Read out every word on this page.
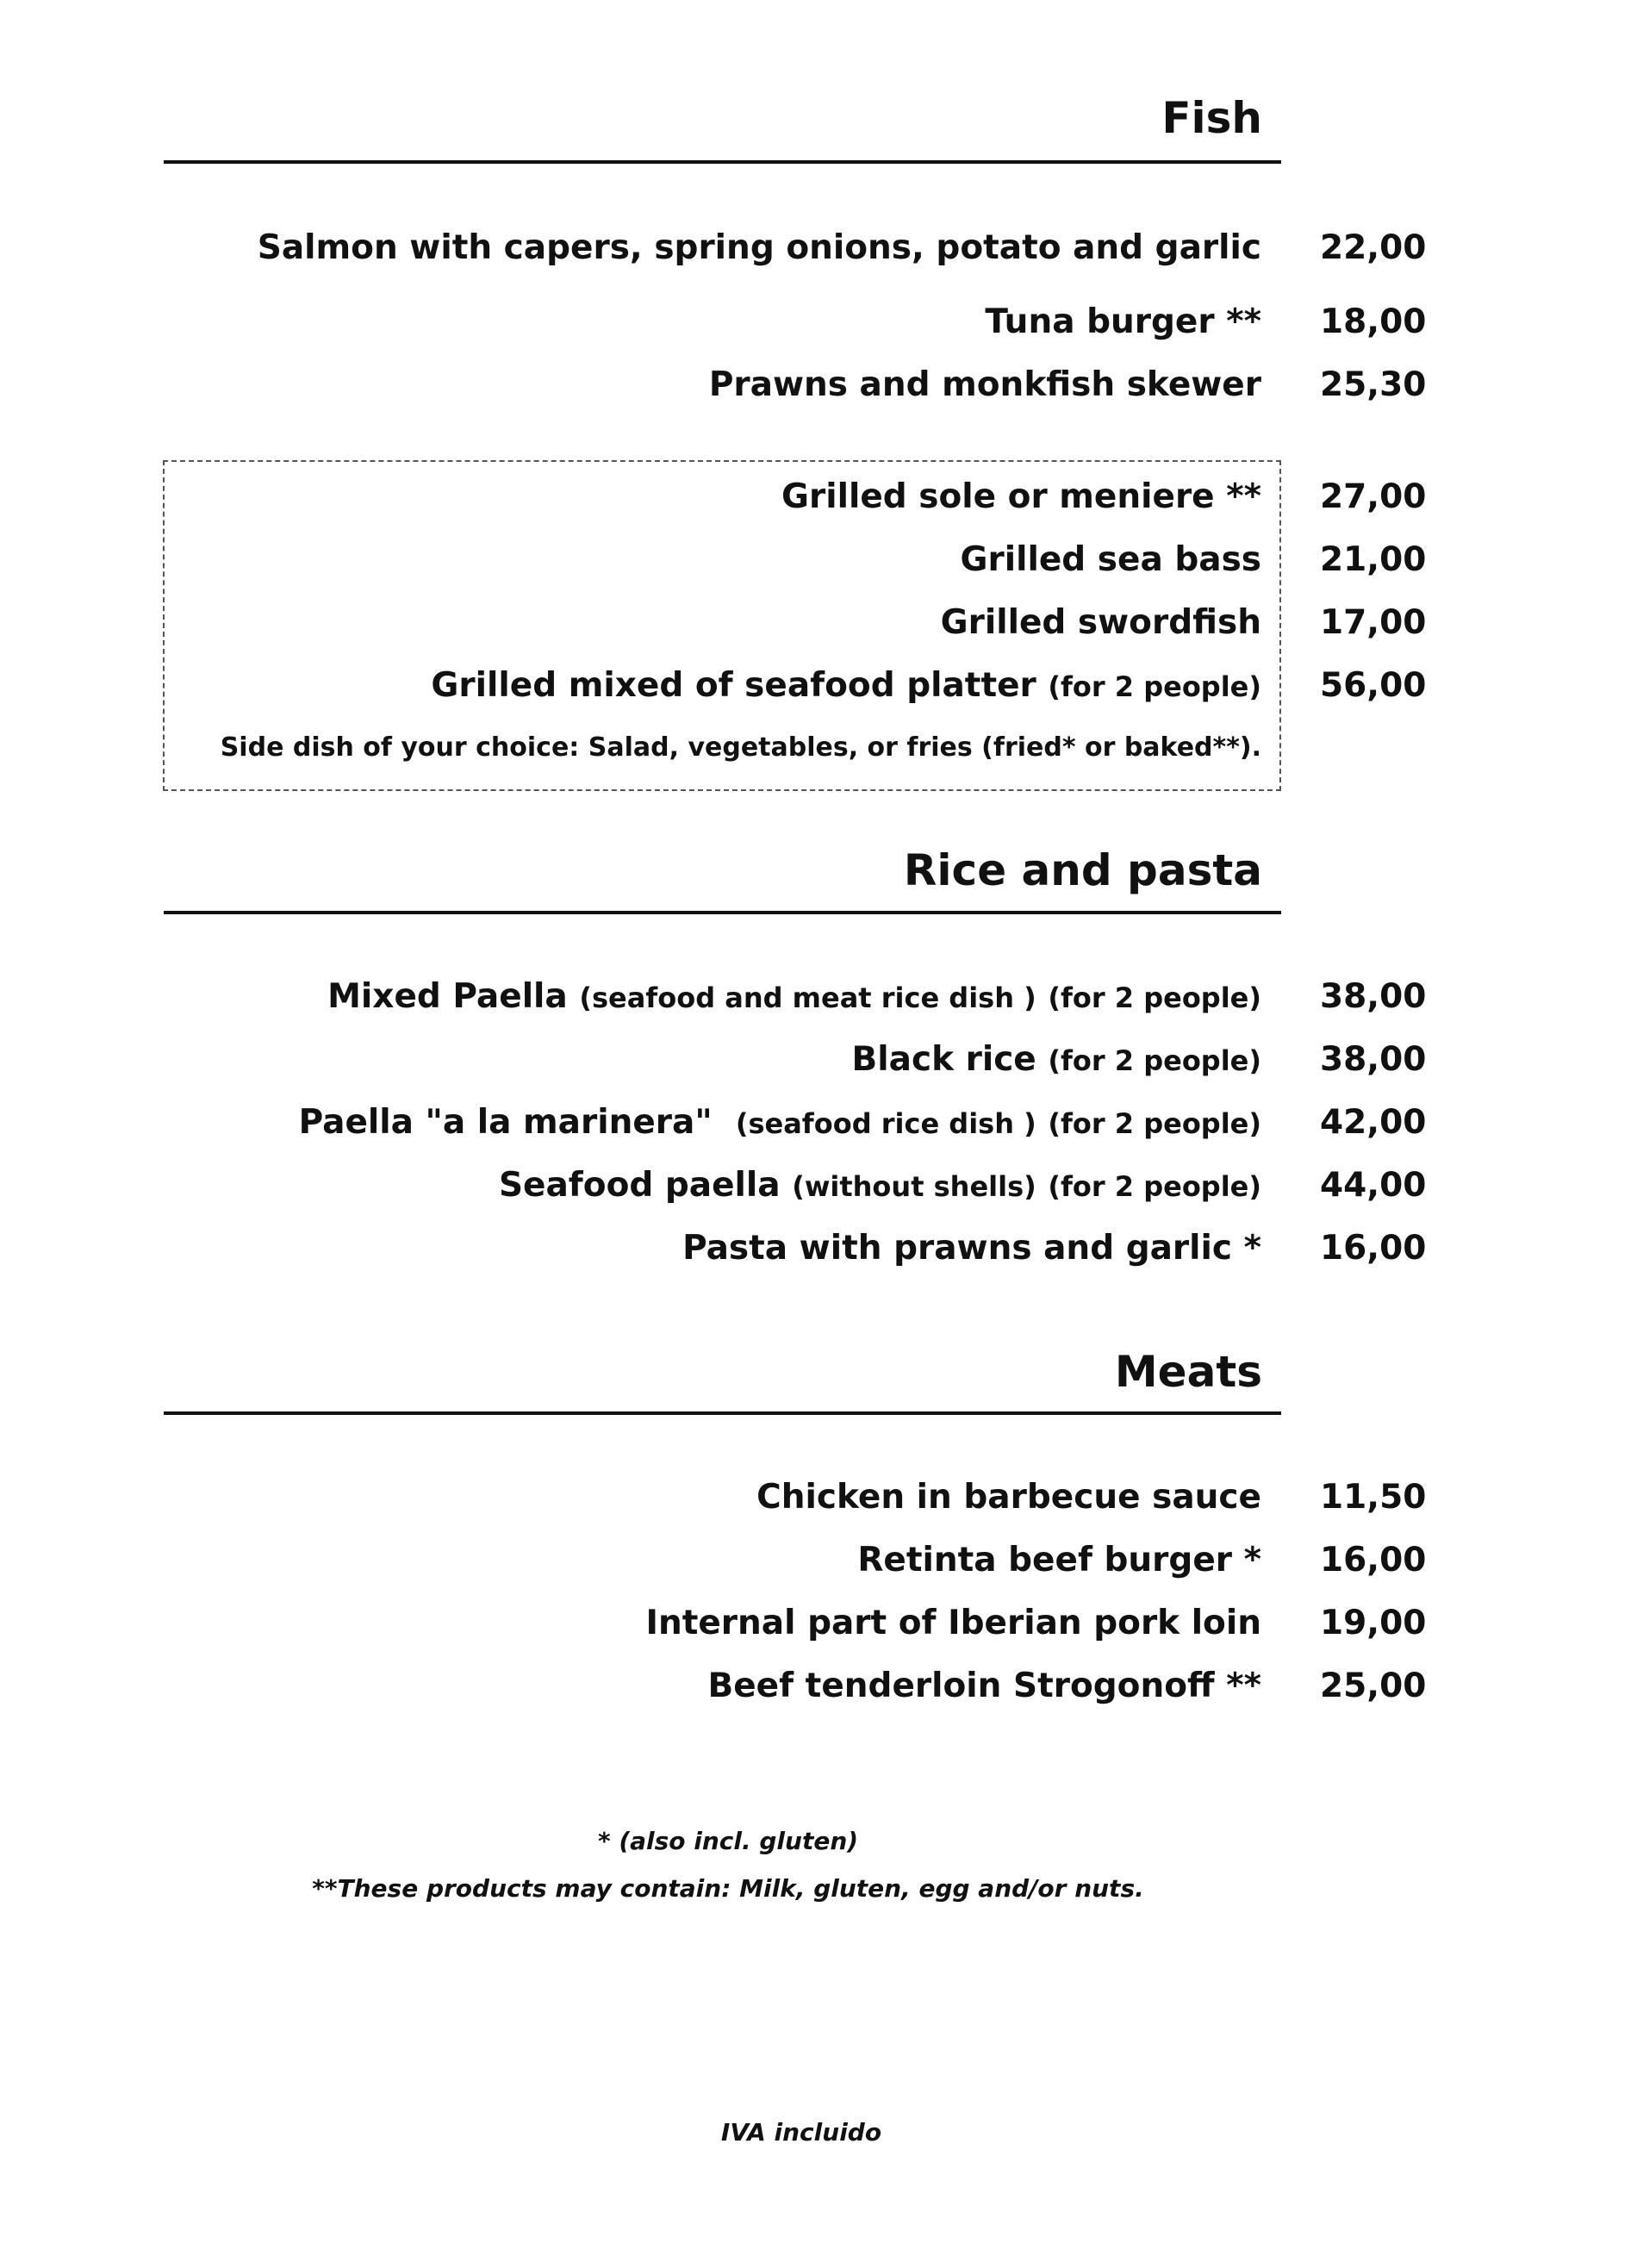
Fish
Salmon with capers, spring onions, potato and garlic 22,00
Tuna burger ** 18,00
Prawns and monkfish skewer 25,30
Grilled sole or meniere ** 27,00
Grilled sea bass 21,00
Grilled swordfish 17,00
Grilled mixed of seafood platter (for 2 people) 56,00
Side dish of your choice: Salad, vegetables, or fries (fried* or baked**).
Rice and pasta
Mixed Paella (seafood and meat rice dish ) (for 2 people) 38,00
Black rice (for 2 people) 38,00
Paella "a la marinera" (seafood rice dish ) (for 2 people) 42,00
Seafood paella (without shells) (for 2 people) 44,00
Pasta with prawns and garlic * 16,00
Meats
Chicken in barbecue sauce 11,50
Retinta beef burger * 16,00
Internal part of Iberian pork loin 19,00
Beef tenderloin Strogonoff ** 25,00
* (also incl. gluten)
**These products may contain: Milk, gluten, egg and/or nuts.
IVA incluido
